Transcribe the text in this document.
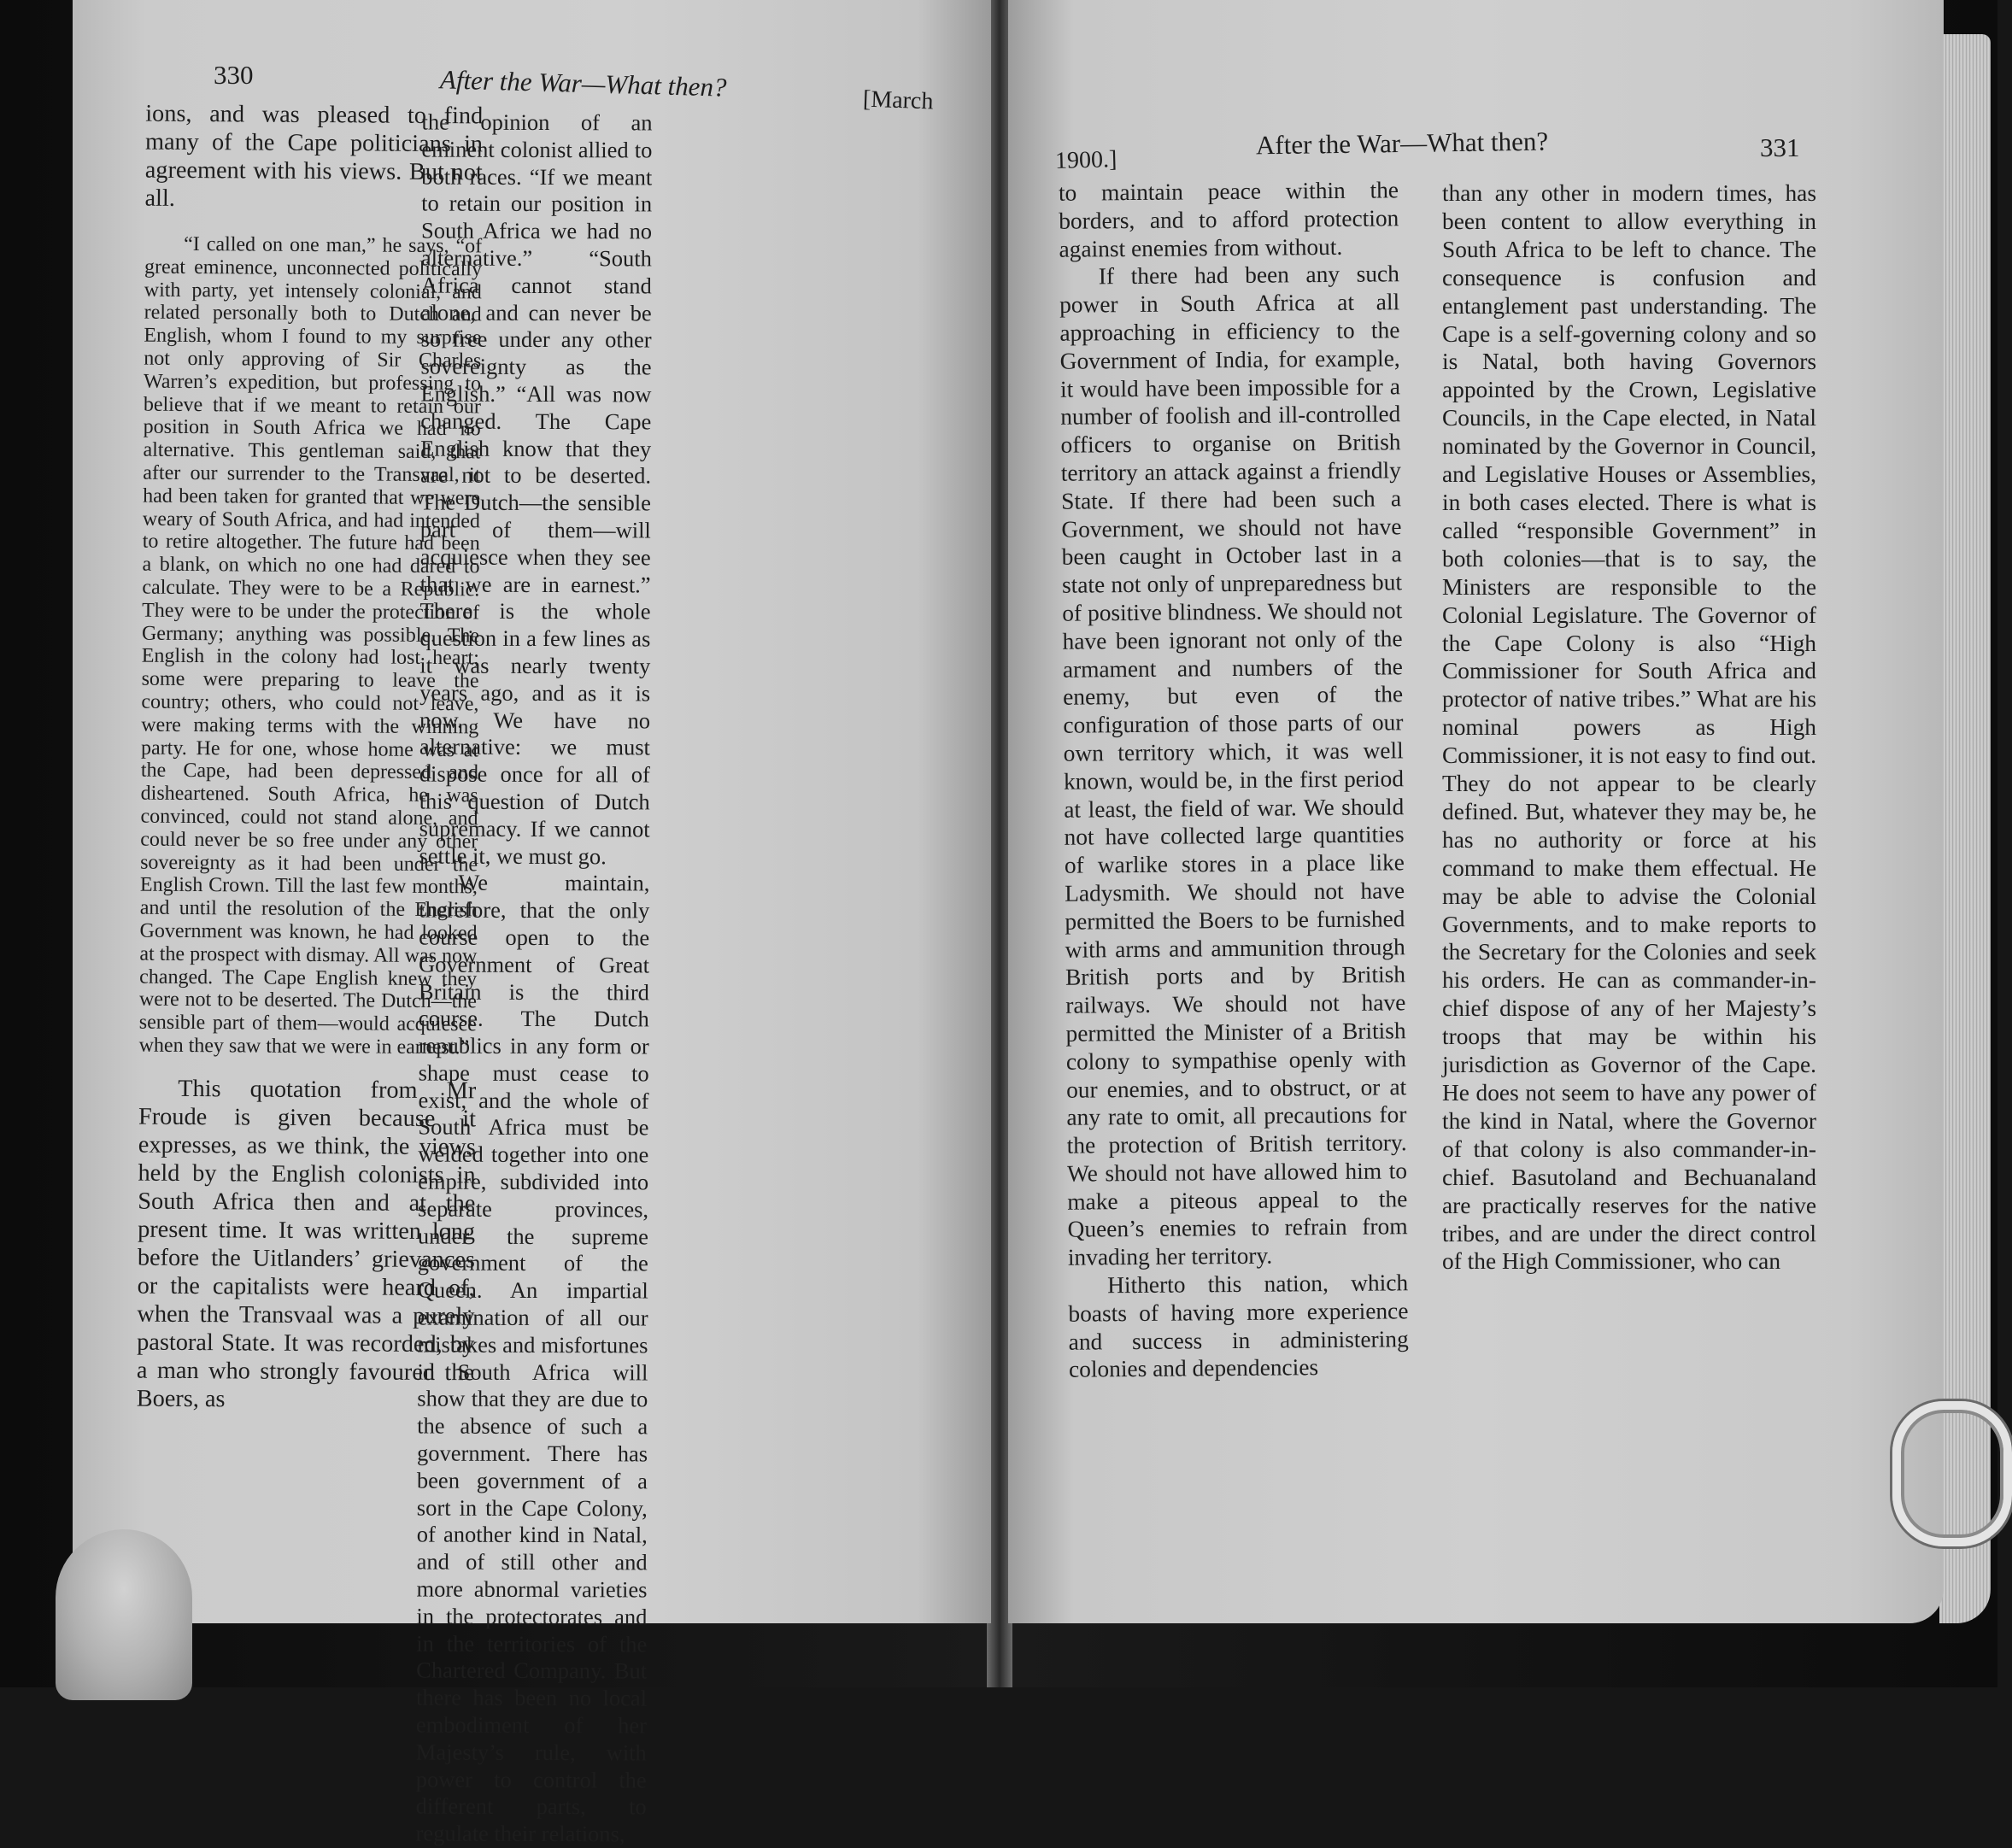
330	After the War—What then?	[March

ions, and was pleased to find many of the Cape politicians in agreement with his views. But not all.

“I called on one man,” he says, “of great eminence, unconnected politically with party, yet intensely colonial, and related personally both to Dutch and English, whom I found to my surprise not only approving of Sir Charles Warren’s expedition, but professing to believe that if we meant to retain our position in South Africa we had no alternative. This gentleman said, that after our surrender to the Transvaal, it had been taken for granted that we were weary of South Africa, and had intended to retire altogether. The future had been a blank, on which no one had dared to calculate. They were to be a Republic. They were to be under the protection of Germany; anything was possible. The English in the colony had lost heart; some were preparing to leave the country; others, who could not leave, were making terms with the winning party. He for one, whose home was at the Cape, had been depressed and disheartened. South Africa, he was convinced, could not stand alone, and could never be so free under any other sovereignty as it had been under the English Crown. Till the last few months, and until the resolution of the English Government was known, he had looked at the prospect with dismay. All was now changed. The Cape English knew they were not to be deserted. The Dutch—the sensible part of them—would acquiesce when they saw that we were in earnest.”

This quotation from Mr Froude is given because it expresses, as we think, the views held by the English colonists in South Africa then and at the present time. It was written long before the Uitlanders’ grievances or the capitalists were heard of, when the Transvaal was a purely pastoral State. It was recorded, by a man who strongly favoured the Boers, as

the opinion of an eminent colonist allied to both races. “If we meant to retain our position in South Africa we had no alternative.” “South Africa cannot stand alone, and can never be so free under any other sovereignty as the English.” “All was now changed. The Cape English know that they are not to be deserted. The Dutch—the sensible part of them—will acquiesce when they see that we are in earnest.” There is the whole question in a few lines as it was nearly twenty years ago, and as it is now. We have no alternative: we must dispose once for all of this question of Dutch supremacy. If we cannot settle it, we must go.

We maintain, therefore, that the only course open to the Government of Great Britain is the third course. The Dutch republics in any form or shape must cease to exist, and the whole of South Africa must be welded together into one empire, subdivided into separate provinces, under the supreme government of the Queen. An impartial examination of all our mistakes and misfortunes in South Africa will show that they are due to the absence of such a government. There has been government of a sort in the Cape Colony, of another kind in Natal, and of still other and more abnormal varieties in the protectorates and in the territories of the Chartered Company. But there has been no local embodiment of her Majesty’s rule, with power to control the different parts, to regulate their relations,

1900.]
After the War—What then?	331

to maintain peace within the borders, and to afford protection against enemies from without.

If there had been any such power in South Africa at all approaching in efficiency to the Government of India, for example, it would have been impossible for a number of foolish and ill-controlled officers to organise on British territory an attack against a friendly State. If there had been such a Government, we should not have been caught in October last in a state not only of unpreparedness but of positive blindness. We should not have been ignorant not only of the armament and numbers of the enemy, but even of the configuration of those parts of our own territory which, it was well known, would be, in the first period at least, the field of war. We should not have collected large quantities of warlike stores in a place like Ladysmith. We should not have permitted the Boers to be furnished with arms and ammunition through British ports and by British railways. We should not have permitted the Minister of a British colony to sympathise openly with our enemies, and to obstruct, or at any rate to omit, all precautions for the protection of British territory. We should not have allowed him to make a piteous appeal to the Queen’s enemies to refrain from invading her territory.

Hitherto this nation, which boasts of having more experience and success in administering colonies and dependencies

than any other in modern times, has been content to allow everything in South Africa to be left to chance. The consequence is confusion and entanglement past understanding. The Cape is a self-governing colony and so is Natal, both having Governors appointed by the Crown, Legislative Councils, in the Cape elected, in Natal nominated by the Governor in Council, and Legislative Houses or Assemblies, in both cases elected. There is what is called “responsible Government” in both colonies—that is to say, the Ministers are responsible to the Colonial Legislature. The Governor of the Cape Colony is also “High Commissioner for South Africa and protector of native tribes.” What are his nominal powers as High Commissioner, it is not easy to find out. They do not appear to be clearly defined. But, whatever they may be, he has no authority or force at his command to make them effectual. He may be able to advise the Colonial Governments, and to make reports to the Secretary for the Colonies and seek his orders. He can as commander-in-chief dispose of any of her Majesty’s troops that may be within his jurisdiction as Governor of the Cape. He does not seem to have any power of the kind in Natal, where the Governor of that colony is also commander-in-chief. Basutoland and Bechuanaland are practically reserves for the native tribes, and are under the direct control of the High Commissioner, who can
